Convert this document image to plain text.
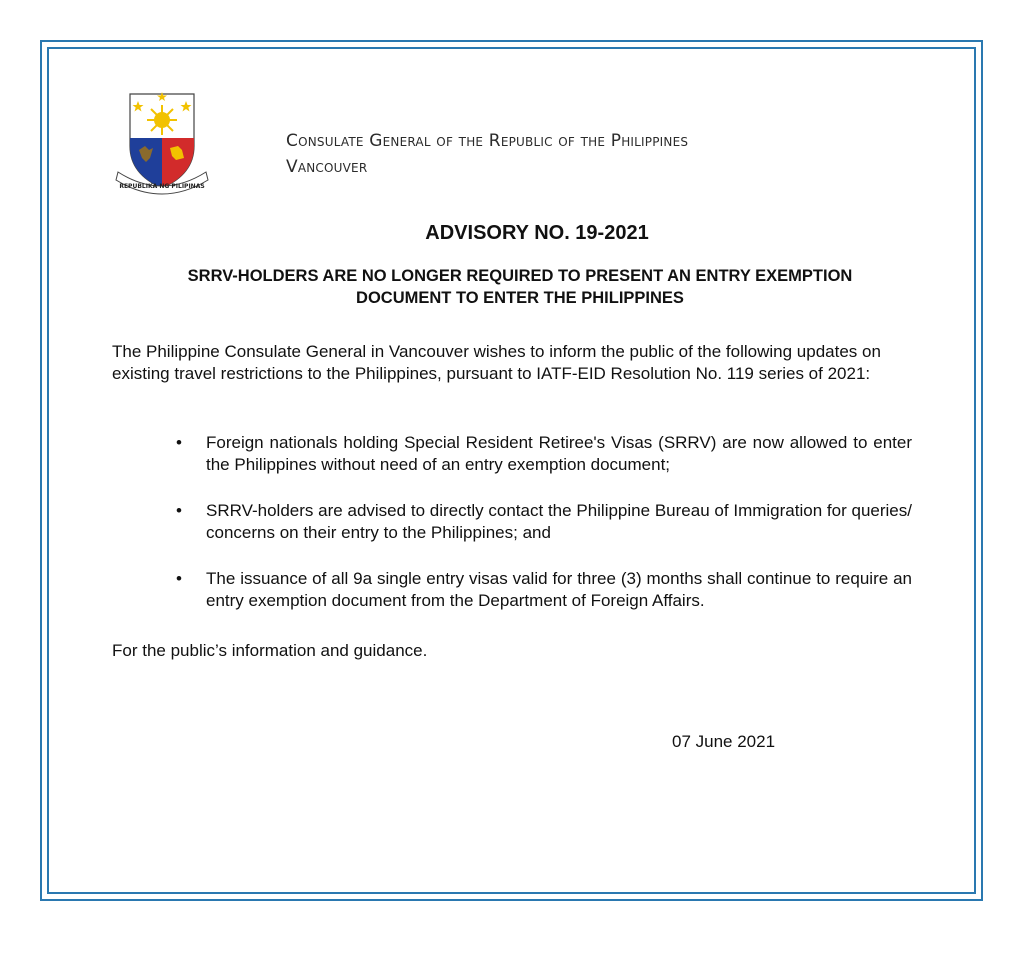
REPUBLIKA NG PILIPINAS
Consulate General of the Republic of the Philippines
Vancouver
ADVISORY NO. 19-2021
SRRV-HOLDERS ARE NO LONGER REQUIRED TO PRESENT AN ENTRY EXEMPTION
DOCUMENT TO ENTER THE PHILIPPINES
The Philippine Consulate General in Vancouver wishes to inform the public of the following updates on existing travel restrictions to the Philippines, pursuant to IATF-EID Resolution No. 119 series of 2021:
• Foreign nationals holding Special Resident Retiree's Visas (SRRV) are now allowed to enter the Philippines without need of an entry exemption document;
• SRRV-holders are advised to directly contact the Philippine Bureau of Immigration for queries/ concerns on their entry to the Philippines; and
• The issuance of all 9a single entry visas valid for three (3) months shall continue to require an entry exemption document from the Department of Foreign Affairs.
For the public’s information and guidance.
07 June 2021
